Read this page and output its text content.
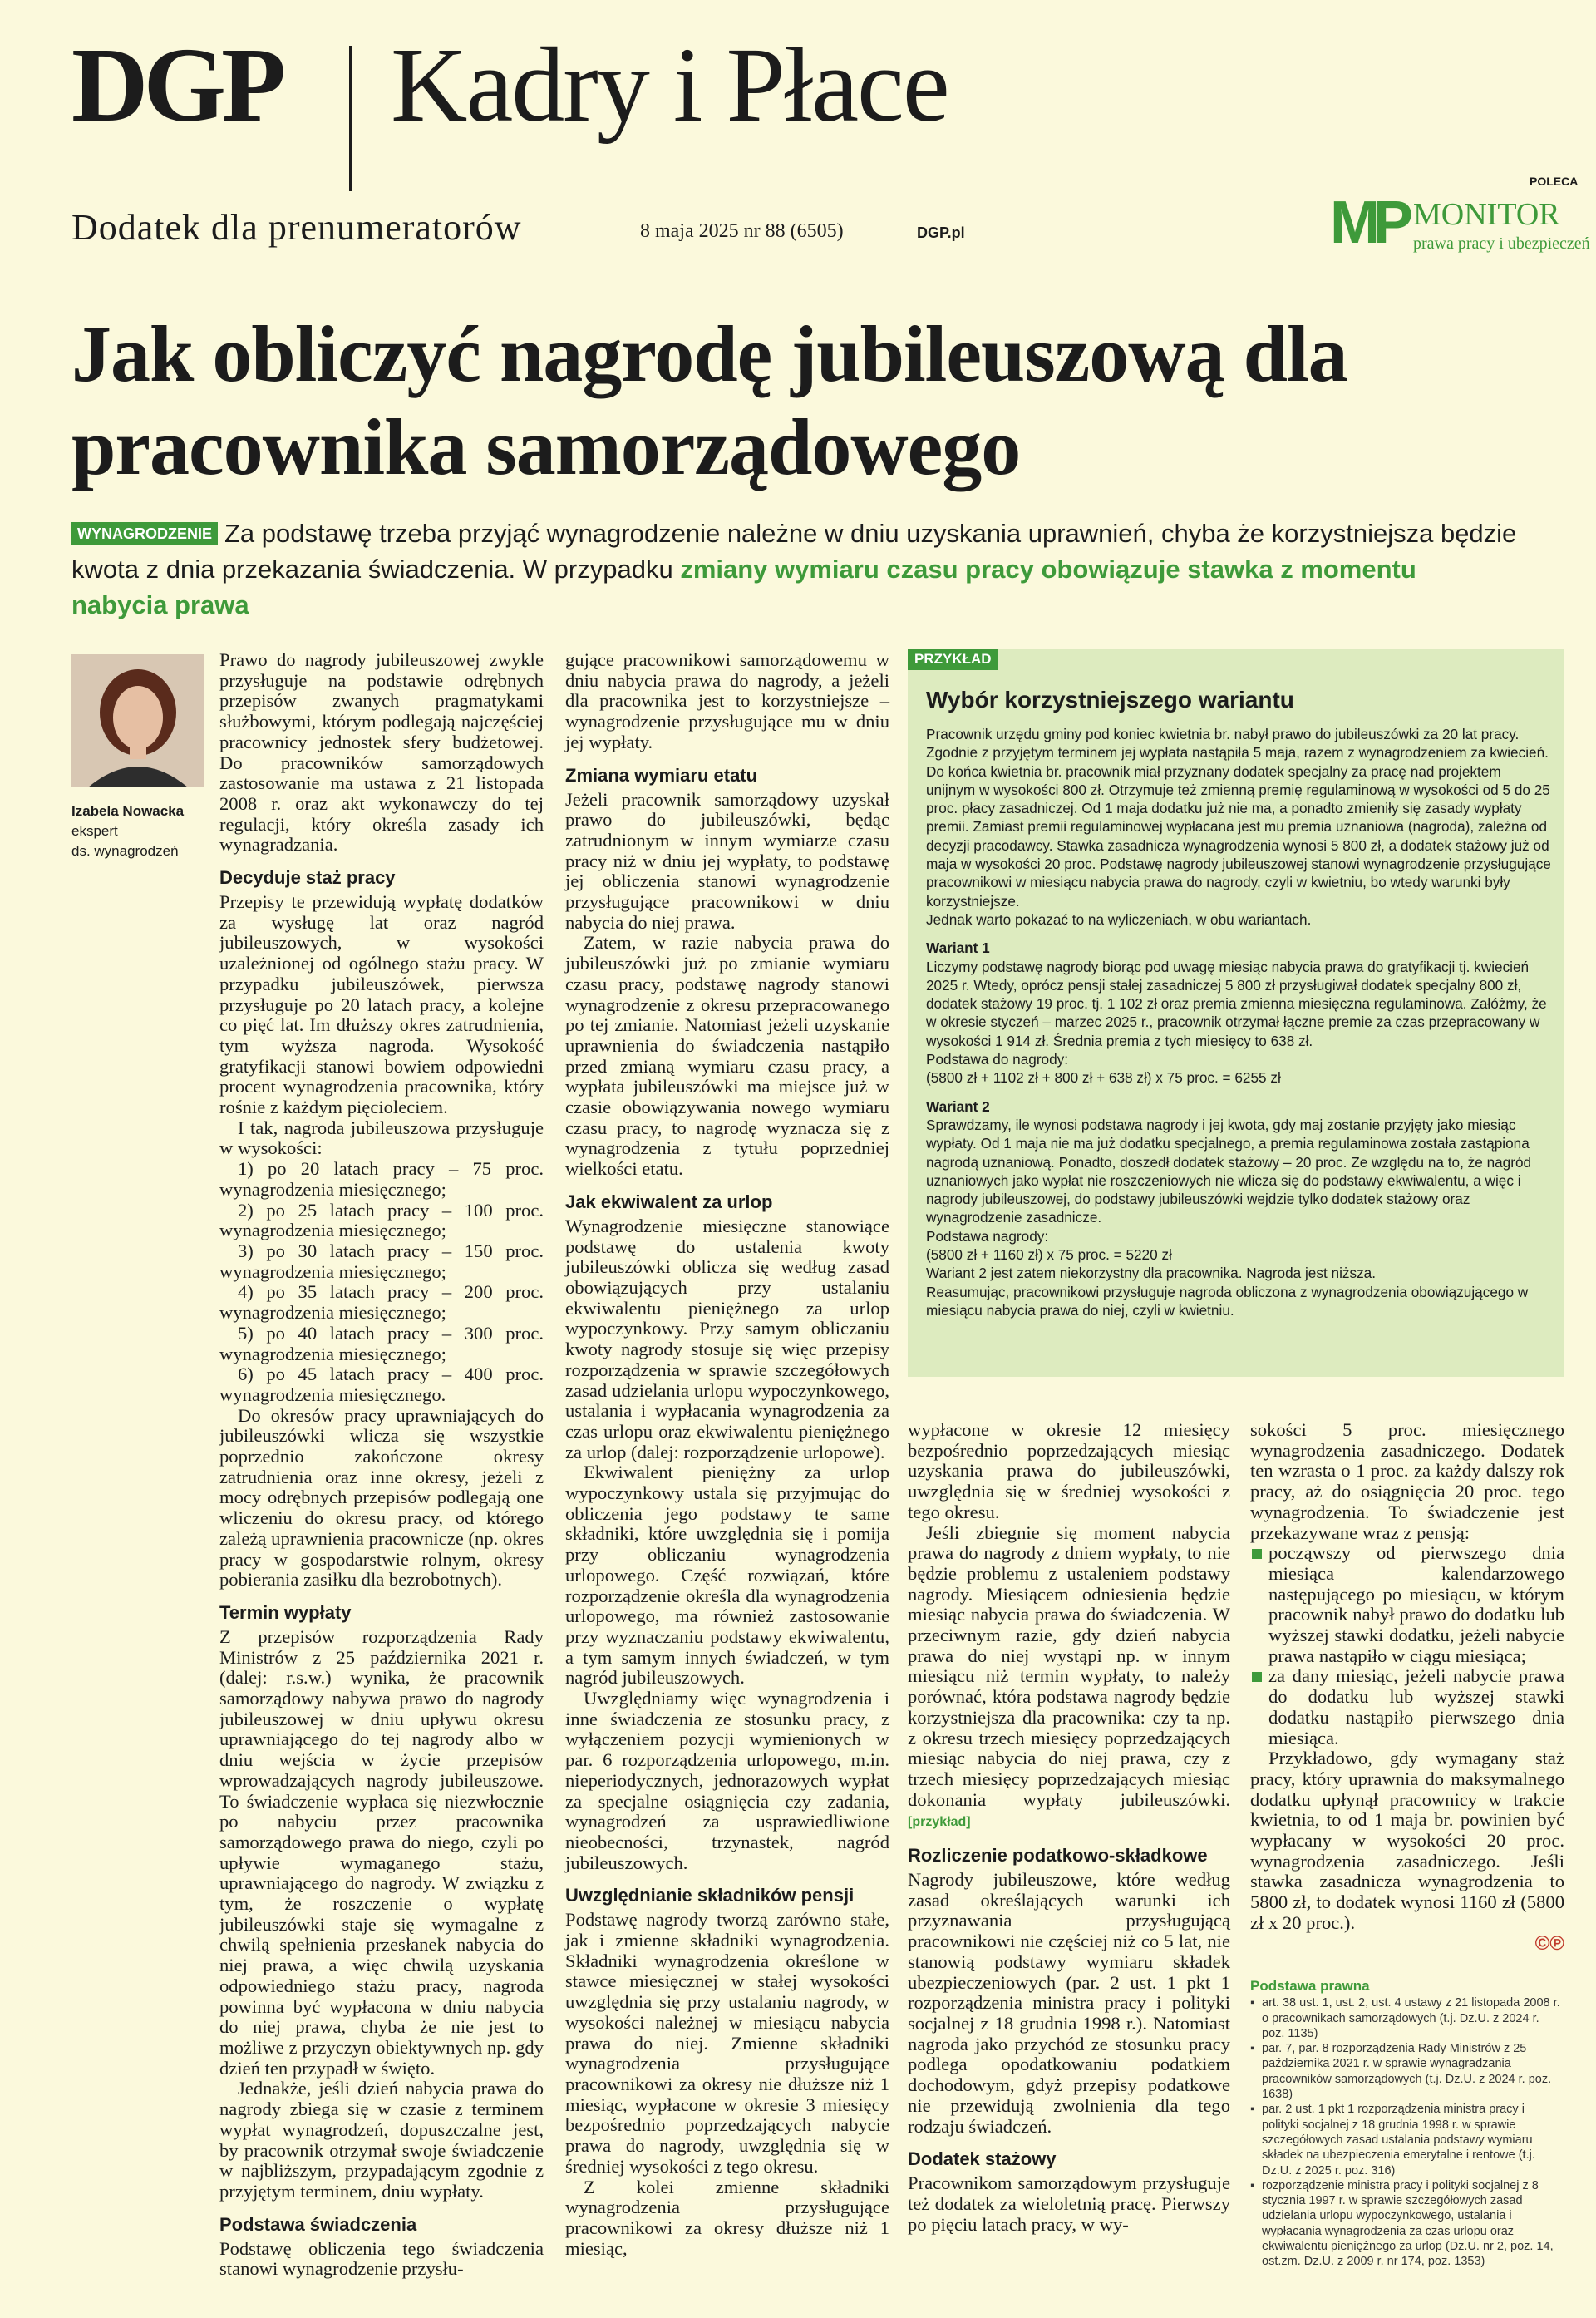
DGP Kadry i Płace
Dodatek dla prenumeratorów	8 maja 2025 nr 88 (6505)	DGP.pl
POLECA
MP MONITOR
prawa pracy i ubezpieczeń
Jak obliczyć nagrodę jubileuszową dla pracownika samorządowego
WYNAGRODZENIE Za podstawę trzeba przyjąć wynagrodzenie należne w dniu uzyskania uprawnień, chyba że korzystniejsza będzie kwota z dnia przekazania świadczenia. W przypadku zmiany wymiaru czasu pracy obowiązuje stawka z momentu nabycia prawa
Izabela Nowacka
ekspert
ds. wynagrodzeń

Prawo do nagrody jubileuszowej zwykle przysługuje na podstawie odrębnych przepisów zwanych pragmatykami służbowymi, którym podlegają najczęściej pracownicy jednostek sfery budżetowej. Do pracowników samorządowych zastosowanie ma ustawa z 21 listopada 2008 r. oraz akt wykonawczy do tej regulacji, który określa zasady ich wynagradzania.

Decyduje staż pracy

Przepisy te przewidują wypłatę dodatków za wysługę lat oraz nagród jubileuszowych, w wysokości uzależnionej od ogólnego stażu pracy. W przypadku jubileuszówek, pierwsza przysługuje po 20 latach pracy, a kolejne co pięć lat. Im dłuższy okres zatrudnienia, tym wyższa nagroda. Wysokość gratyfikacji stanowi bowiem odpowiedni procent wynagrodzenia pracownika, który rośnie z każdym pięcioleciem.

I tak, nagroda jubileuszowa przysługuje w wysokości:

1) po 20 latach pracy – 75 proc. wynagrodzenia miesięcznego;

2) po 25 latach pracy – 100 proc. wynagrodzenia miesięcznego;

3) po 30 latach pracy – 150 proc. wynagrodzenia miesięcznego;

4) po 35 latach pracy – 200 proc. wynagrodzenia miesięcznego;

5) po 40 latach pracy – 300 proc. wynagrodzenia miesięcznego;

6) po 45 latach pracy – 400 proc. wynagrodzenia miesięcznego.

Do okresów pracy uprawniających do jubileuszówki wlicza się wszystkie poprzednio zakończone okresy zatrudnienia oraz inne okresy, jeżeli z mocy odrębnych przepisów podlegają one wliczeniu do okresu pracy, od którego zależą uprawnienia pracownicze (np. okres pracy w gospodarstwie rolnym, okresy pobierania zasiłku dla bezrobotnych).

Termin wypłaty

Z przepisów rozporządzenia Rady Ministrów z 25 października 2021 r. (dalej: r.s.w.) wynika, że pracownik samorządowy nabywa prawo do nagrody jubileuszowej w dniu upływu okresu uprawniającego do tej nagrody albo w dniu wejścia w życie przepisów wprowadzających nagrody jubileuszowe. To świadczenie wypłaca się niezwłocznie po nabyciu przez pracownika samorządowego prawa do niego, czyli po upływie wymaganego stażu, uprawniającego do nagrody. W związku z tym, że roszczenie o wypłatę jubileuszówki staje się wymagalne z chwilą spełnienia przesłanek nabycia do niej prawa, a więc chwilą uzyskania odpowiedniego stażu pracy, nagroda powinna być wypłacona w dniu nabycia do niej prawa, chyba że nie jest to możliwe z przyczyn obiektywnych np. gdy dzień ten przypadł w święto.

Jednakże, jeśli dzień nabycia prawa do nagrody zbiega się w czasie z terminem wypłat wynagrodzeń, dopuszczalne jest, by pracownik otrzymał swoje świadczenie w najbliższym, przypadającym zgodnie z przyjętym terminem, dniu wypłaty.

Podstawa świadczenia

Podstawę obliczenia tego świadczenia stanowi wynagrodzenie przysłu-

gujące pracownikowi samorządowemu w dniu nabycia prawa do nagrody, a jeżeli dla pracownika jest to korzystniejsze – wynagrodzenie przysługujące mu w dniu jej wypłaty.

Zmiana wymiaru etatu

Jeżeli pracownik samorządowy uzyskał prawo do jubileuszówki, będąc zatrudnionym w innym wymiarze czasu pracy niż w dniu jej wypłaty, to podstawę jej obliczenia stanowi wynagrodzenie przysługujące pracownikowi w dniu nabycia do niej prawa.

Zatem, w razie nabycia prawa do jubileuszówki już po zmianie wymiaru czasu pracy, podstawę nagrody stanowi wynagrodzenie z okresu przepracowanego po tej zmianie. Natomiast jeżeli uzyskanie uprawnienia do świadczenia nastąpiło przed zmianą wymiaru czasu pracy, a wypłata jubileuszówki ma miejsce już w czasie obowiązywania nowego wymiaru czasu pracy, to nagrodę wyznacza się z wynagrodzenia z tytułu poprzedniej wielkości etatu.

Jak ekwiwalent za urlop

Wynagrodzenie miesięczne stanowiące podstawę do ustalenia kwoty jubileuszówki oblicza się według zasad obowiązujących przy ustalaniu ekwiwalentu pieniężnego za urlop wypoczynkowy. Przy samym obliczaniu kwoty nagrody stosuje się więc przepisy rozporządzenia w sprawie szczegółowych zasad udzielania urlopu wypoczynkowego, ustalania i wypłacania wynagrodzenia za czas urlopu oraz ekwiwalentu pieniężnego za urlop (dalej: rozporządzenie urlopowe).

Ekwiwalent pieniężny za urlop wypoczynkowy ustala się przyjmując do obliczenia jego podstawy te same składniki, które uwzględnia się i pomija przy obliczaniu wynagrodzenia urlopowego. Część rozwiązań, które rozporządzenie określa dla wynagrodzenia urlopowego, ma również zastosowanie przy wyznaczaniu podstawy ekwiwalentu, a tym samym innych świadczeń, w tym nagród jubileuszowych.

Uwzględniamy więc wynagrodzenia i inne świadczenia ze stosunku pracy, z wyłączeniem pozycji wymienionych w par. 6 rozporządzenia urlopowego, m.in. nieperiodycznych, jednorazowych wypłat za specjalne osiągnięcia czy zadania, wynagrodzeń za usprawiedliwione nieobecności, trzynastek, nagród jubileuszowych.

Uwzględnianie składników pensji

Podstawę nagrody tworzą zarówno stałe, jak i zmienne składniki wynagrodzenia. Składniki wynagrodzenia określone w stawce miesięcznej w stałej wysokości uwzględnia się przy ustalaniu nagrody, w wysokości należnej w miesiącu nabycia prawa do niej. Zmienne składniki wynagrodzenia przysługujące pracownikowi za okresy nie dłuższe niż 1 miesiąc, wypłacone w okresie 3 miesięcy bezpośrednio poprzedzających nabycie prawa do nagrody, uwzględnia się w średniej wysokości z tego okresu.

Z kolei zmienne składniki wynagrodzenia przysługujące pracownikowi za okresy dłuższe niż 1 miesiąc,

PRZYKŁAD
Wybór korzystniejszego wariantu

Pracownik urzędu gminy pod koniec kwietnia br. nabył prawo do jubileuszówki za 20 lat pracy. Zgodnie z przyjętym terminem jej wypłata nastąpiła 5 maja, razem z wynagrodzeniem za kwiecień. Do końca kwietnia br. pracownik miał przyznany dodatek specjalny za pracę nad projektem unijnym w wysokości 800 zł. Otrzymuje też zmienną premię regulaminową w wysokości od 5 do 25 proc. płacy zasadniczej. Od 1 maja dodatku już nie ma, a ponadto zmieniły się zasady wypłaty premii. Zamiast premii regulaminowej wypłacana jest mu premia uznaniowa (nagroda), zależna od decyzji pracodawcy. Stawka zasadnicza wynagrodzenia wynosi 5 800 zł, a dodatek stażowy już od maja w wysokości 20 proc. Podstawę nagrody jubileuszowej stanowi wynagrodzenie przysługujące pracownikowi w miesiącu nabycia prawa do nagrody, czyli w kwietniu, bo wtedy warunki były korzystniejsze.

Jednak warto pokazać to na wyliczeniach, w obu wariantach.

Wariant 1

Liczymy podstawę nagrody biorąc pod uwagę miesiąc nabycia prawa do gratyfikacji tj. kwiecień 2025 r. Wtedy, oprócz pensji stałej zasadniczej 5 800 zł przysługiwał dodatek specjalny 800 zł, dodatek stażowy 19 proc. tj. 1 102 zł oraz premia zmienna miesięczna regulaminowa. Załóżmy, że w okresie styczeń – marzec 2025 r., pracownik otrzymał łączne premie za czas przepracowany w wysokości 1 914 zł. Średnia premia z tych miesięcy to 638 zł.

Podstawa do nagrody:

(5800 zł + 1102 zł + 800 zł + 638 zł) x 75 proc. = 6255 zł

Wariant 2

Sprawdzamy, ile wynosi podstawa nagrody i jej kwota, gdy maj zostanie przyjęty jako miesiąc wypłaty. Od 1 maja nie ma już dodatku specjalnego, a premia regulaminowa została zastąpiona nagrodą uznaniową. Ponadto, doszedł dodatek stażowy – 20 proc. Ze względu na to, że nagród uznaniowych jako wypłat nie roszczeniowych nie wlicza się do podstawy ekwiwalentu, a więc i nagrody jubileuszowej, do podstawy jubileuszówki wejdzie tylko dodatek stażowy oraz wynagrodzenie zasadnicze.

Podstawa nagrody:

(5800 zł + 1160 zł) x 75 proc. = 5220 zł

Wariant 2 jest zatem niekorzystny dla pracownika. Nagroda jest niższa.

Reasumując, pracownikowi przysługuje nagroda obliczona z wynagrodzenia obowiązującego w miesiącu nabycia prawa do niej, czyli w kwietniu.

wypłacone w okresie 12 miesięcy bezpośrednio poprzedzających miesiąc uzyskania prawa do jubileuszówki, uwzględnia się w średniej wysokości z tego okresu.

Jeśli zbiegnie się moment nabycia prawa do nagrody z dniem wypłaty, to nie będzie problemu z ustaleniem podstawy nagrody. Miesiącem odniesienia będzie miesiąc nabycia prawa do świadczenia. W przeciwnym razie, gdy dzień nabycia prawa do niej wystąpi np. w innym miesiącu niż termin wypłaty, to należy porównać, która podstawa nagrody będzie korzystniejsza dla pracownika: czy ta np. z okresu trzech miesięcy poprzedzających miesiąc nabycia do niej prawa, czy z trzech miesięcy poprzedzających miesiąc dokonania wypłaty jubileuszówki. [przykład]

Rozliczenie podatkowo-składkowe

Nagrody jubileuszowe, które według zasad określających warunki ich przyznawania przysługującą pracownikowi nie częściej niż co 5 lat, nie stanowią podstawy wymiaru składek ubezpieczeniowych (par. 2 ust. 1 pkt 1 rozporządzenia ministra pracy i polityki socjalnej z 18 grudnia 1998 r.). Natomiast nagroda jako przychód ze stosunku pracy podlega opodatkowaniu podatkiem dochodowym, gdyż przepisy podatkowe nie przewidują zwolnienia dla tego rodzaju świadczeń.

Dodatek stażowy

Pracownikom samorządowym przysługuje też dodatek za wieloletnią pracę. Pierwszy po pięciu latach pracy, w wy-

sokości 5 proc. miesięcznego wynagrodzenia zasadniczego. Dodatek ten wzrasta o 1 proc. za każdy dalszy rok pracy, aż do osiągnięcia 20 proc. tego wynagrodzenia. To świadczenie jest przekazywane wraz z pensją:

począwszy od pierwszego dnia miesiąca kalendarzowego następującego po miesiącu, w którym pracownik nabył prawo do dodatku lub wyższej stawki dodatku, jeżeli nabycie prawa nastąpiło w ciągu miesiąca;

za dany miesiąc, jeżeli nabycie prawa do dodatku lub wyższej stawki dodatku nastąpiło pierwszego dnia miesiąca.

Przykładowo, gdy wymagany staż pracy, który uprawnia do maksymalnego dodatku upłynął pracownicy w trakcie kwietnia, to od 1 maja br. powinien być wypłacany w wysokości 20 proc. wynagrodzenia zasadniczego. Jeśli stawka zasadnicza wynagrodzenia to 5800 zł, to dodatek wynosi 1160 zł (5800 zł x 20 proc.).

©℗
Podstawa prawna

▪ art. 38 ust. 1, ust. 2, ust. 4 ustawy z 21 listopada 2008 r. o pracownikach samorządowych (t.j. Dz.U. z 2024 r. poz. 1135)

▪ par. 7, par. 8 rozporządzenia Rady Ministrów z 25 października 2021 r. w sprawie wynagradzania pracowników samorządowych (t.j. Dz.U. z 2024 r. poz. 1638)

▪ par. 2 ust. 1 pkt 1 rozporządzenia ministra pracy i polityki socjalnej z 18 grudnia 1998 r. w sprawie szczegółowych zasad ustalania podstawy wymiaru składek na ubezpieczenia emerytalne i rentowe (t.j. Dz.U. z 2025 r. poz. 316)

▪ rozporządzenie ministra pracy i polityki socjalnej z 8 stycznia 1997 r. w sprawie szczegółowych zasad udzielania urlopu wypoczynkowego, ustalania i wypłacania wynagrodzenia za czas urlopu oraz ekwiwalentu pieniężnego za urlop (Dz.U. nr 2, poz. 14, ost.zm. Dz.U. z 2009 r. nr 174, poz. 1353)
